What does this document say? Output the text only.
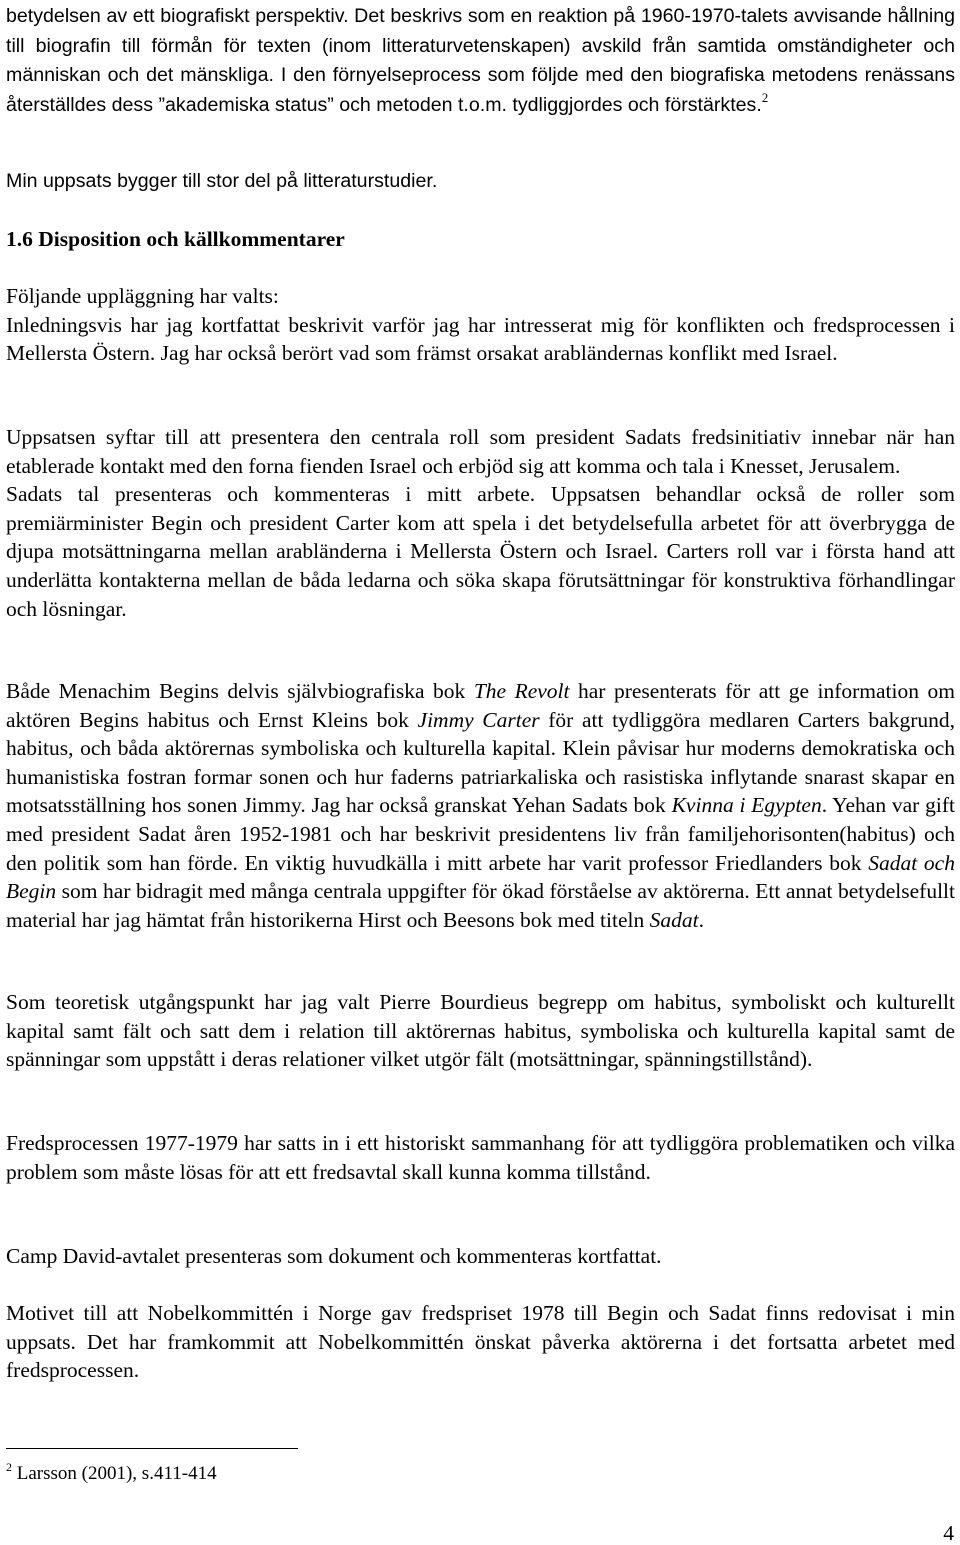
betydelsen av ett biografiskt perspektiv. Det beskrivs som en reaktion på 1960-1970-talets avvisande hållning till biografin till förmån för texten (inom litteraturvetenskapen) avskild från samtida omständigheter och människan och det mänskliga. I den förnyelseprocess som följde med den biografiska metodens renässans återställdes dess ”akademiska status” och metoden t.o.m. tydliggjordes och förstärktes.$^2$

Min uppsats bygger till stor del på litteraturstudier.

1.6 Disposition och källkommentarer

Följande uppläggning har valts:
Inledningsvis har jag kortfattat beskrivit varför jag har intresserat mig för konflikten och fredsprocessen i Mellersta Östern. Jag har också berört vad som främst orsakat arabländernas konflikt med Israel.

Uppsatsen syftar till att presentera den centrala roll som president Sadats fredsinitiativ innebar när han etablerade kontakt med den forna fienden Israel och erbjöd sig att komma och tala i Knesset, Jerusalem.
Sadats tal presenteras och kommenteras i mitt arbete. Uppsatsen behandlar också de roller som premiärminister Begin och president Carter kom att spela i det betydelsefulla arbetet för att överbrygga de djupa motsättningarna mellan arabländerna i Mellersta Östern och Israel. Carters roll var i första hand att underlätta kontakterna mellan de båda ledarna och söka skapa förutsättningar för konstruktiva förhandlingar och lösningar.

Både Menachim Begins delvis självbiografiska bok The Revolt har presenterats för att ge information om aktören Begins habitus och Ernst Kleins bok Jimmy Carter för att tydliggöra medlaren Carters bakgrund, habitus, och båda aktörernas symboliska och kulturella kapital. Klein påvisar hur moderns demokratiska och humanistiska fostran formar sonen och hur faderns patriarkaliska och rasistiska inflytande snarast skapar en motsatsställning hos sonen Jimmy. Jag har också granskat Yehan Sadats bok Kvinna i Egypten. Yehan var gift med president Sadat åren 1952-1981 och har beskrivit presidentens liv från familjehorisonten(habitus) och den politik som han förde. En viktig huvudkälla i mitt arbete har varit professor Friedlanders bok Sadat och Begin som har bidragit med många centrala uppgifter för ökad förståelse av aktörerna. Ett annat betydelsefullt material har jag hämtat från historikerna Hirst och Beesons bok med titeln Sadat.

Som teoretisk utgångspunkt har jag valt Pierre Bourdieus begrepp om habitus, symboliskt och kulturellt kapital samt fält och satt dem i relation till aktörernas habitus, symboliska och kulturella kapital samt de spänningar som uppstått i deras relationer vilket utgör fält (motsättningar, spänningstillstånd).

Fredsprocessen 1977-1979 har satts in i ett historiskt sammanhang för att tydliggöra problematiken och vilka problem som måste lösas för att ett fredsavtal skall kunna komma tillstånd.

Camp David-avtalet presenteras som dokument och kommenteras kortfattat.

Motivet till att Nobelkommittén i Norge gav fredspriset 1978 till Begin och Sadat finns redovisat i min uppsats. Det har framkommit att Nobelkommittén önskat påverka aktörerna i det fortsatta arbetet med fredsprocessen.

$^2$ Larsson (2001), s.411-414
4
